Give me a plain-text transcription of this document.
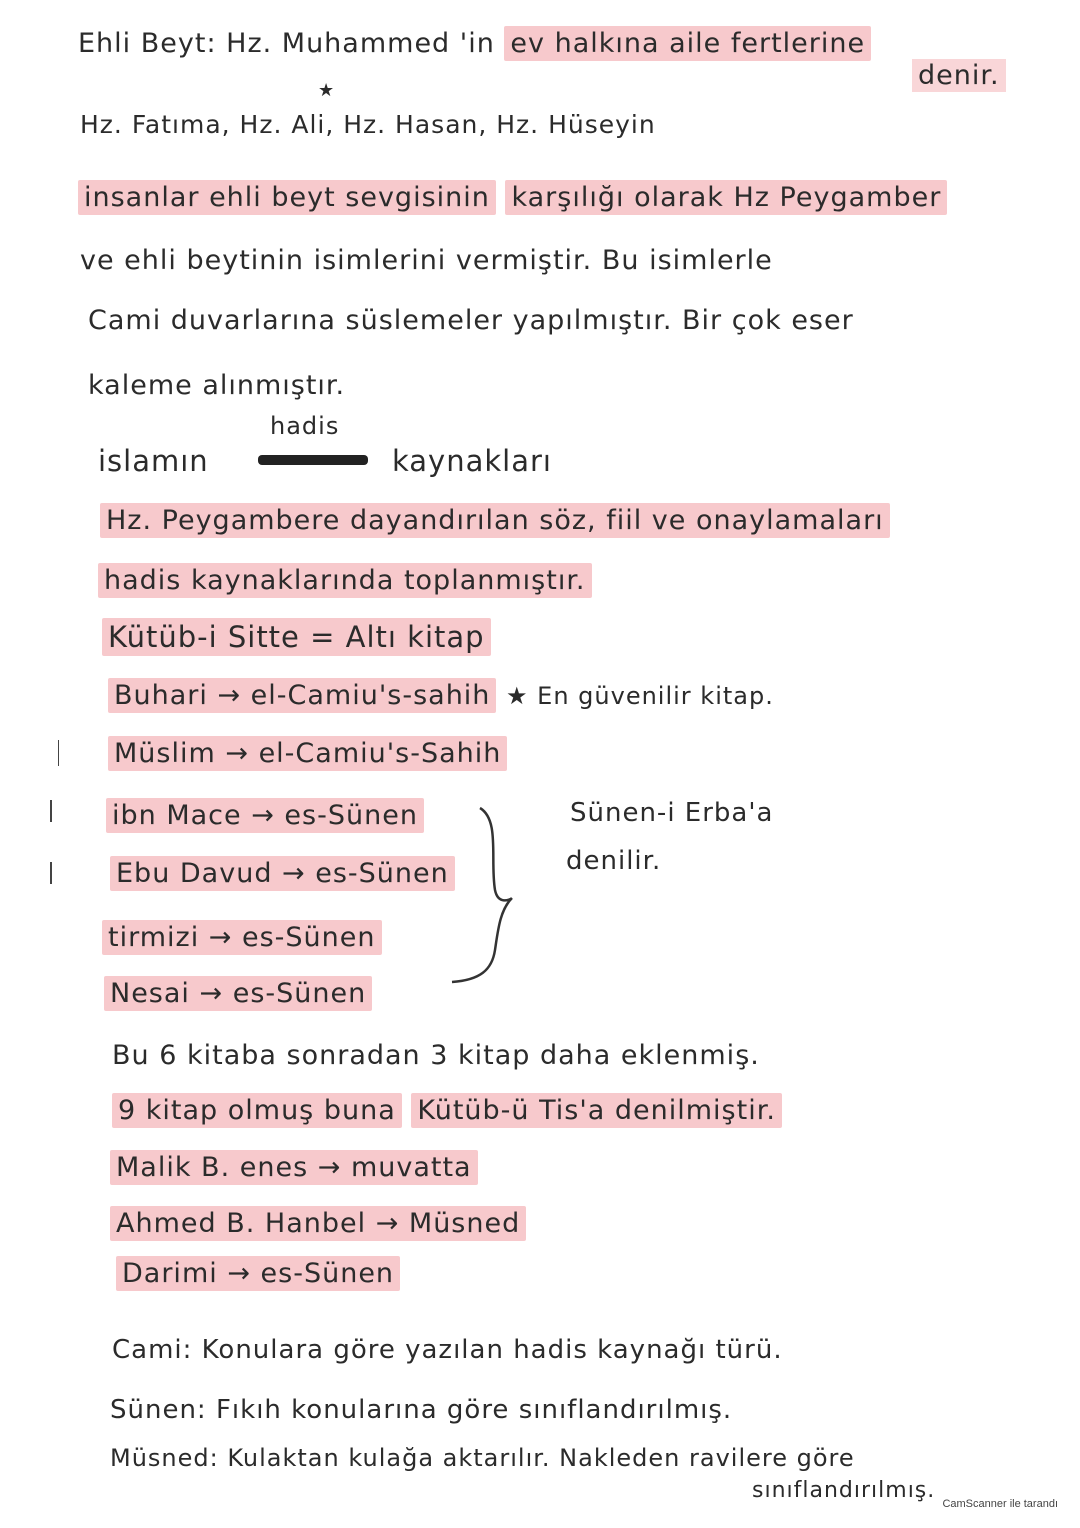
Ehli Beyt: Hz. Muhammed 'in ev halkına aile fertlerine
denir.
Hz. Fatıma, Hz. Ali, Hz. Hasan, Hz. Hüseyin
★
insanlar ehli beyt sevgisinin karşılığı olarak Hz Peygamber
ve ehli beytinin isimlerini vermiştir. Bu isimlerle
Cami duvarlarına süslemeler yapılmıştır. Bir çok eser
kaleme alınmıştır.
hadis
islamın	kaynakları
Hz. Peygambere dayandırılan söz, fiil ve onaylamaları
hadis kaynaklarında toplanmıştır.
Kütüb-i Sitte = Altı kitap
Buhari → el-Camiu's-sahih ★ En güvenilir kitap.
Müslim → el-Camiu's-Sahih
ibn Mace → es-Sünen
Ebu Davud → es-Sünen
tirmizi → es-Sünen
Nesai → es-Sünen
Sünen-i Erba'a
denilir.
Bu 6 kitaba sonradan 3 kitap daha eklenmiş.
9 kitap olmuş buna Kütüb-ü Tis'a denilmiştir.
Malik B. enes → muvatta
Ahmed B. Hanbel → Müsned
Darimi → es-Sünen
Cami: Konulara göre yazılan hadis kaynağı türü.
Sünen: Fıkıh konularına göre sınıflandırılmış.
Müsned: Kulaktan kulağa aktarılır. Nakleden ravilere göre
sınıflandırılmış.
CamScanner ile tarandı
